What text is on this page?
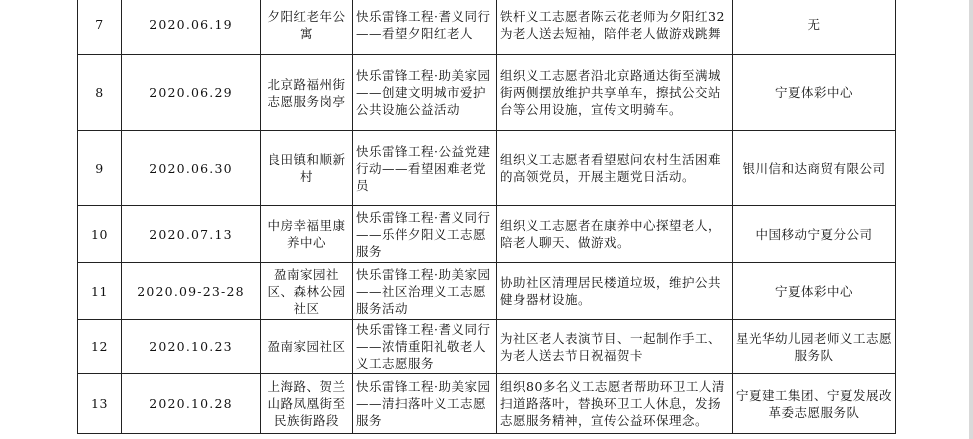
7	2020.06.19	夕阳红老年公寓	快乐雷锋工程·耆义同行——看望夕阳红老人	铁杆义工志愿者陈云花老师为夕阳红32为老人送去短袖，陪伴老人做游戏跳舞	无
8	2020.06.29	北京路福州街志愿服务岗亭	快乐雷锋工程·助美家园——创建文明城市爱护公共设施公益活动	组织义工志愿者沿北京路通达街至满城街两侧摆放维护共享单车，擦拭公交站台等公用设施，宣传文明骑车。	宁夏体彩中心
9	2020.06.30	良田镇和顺新村	快乐雷锋工程·公益党建行动——看望困难老党员	组织义工志愿者看望慰问农村生活困难的高领党员，开展主题党日活动。	银川信和达商贸有限公司
10	2020.07.13	中房幸福里康养中心	快乐雷锋工程·耆义同行——乐伴夕阳义工志愿服务	组织义工志愿者在康养中心探望老人，陪老人聊天、做游戏。	中国移动宁夏分公司
11	2020.09-23-28	盈南家园社区、森林公园社区	快乐雷锋工程·助美家园——社区治理义工志愿服务活动	协助社区清理居民楼道垃圾，维护公共健身器材设施。	宁夏体彩中心
12	2020.10.23	盈南家园社区	快乐雷锋工程·耆义同行——浓情重阳礼敬老人义工志愿服务	为社区老人表演节目、一起制作手工、为老人送去节日祝福贺卡	星光华幼儿园老师义工志愿服务队
13	2020.10.28	上海路、贺兰山路凤凰街至民族街路段	快乐雷锋工程·助美家园——清扫落叶义工志愿服务	组织80多名义工志愿者帮助环卫工人清扫道路落叶，替换环卫工人休息，发扬志愿服务精神，宣传公益环保理念。	宁夏建工集团、宁夏发展改革委志愿服务队
